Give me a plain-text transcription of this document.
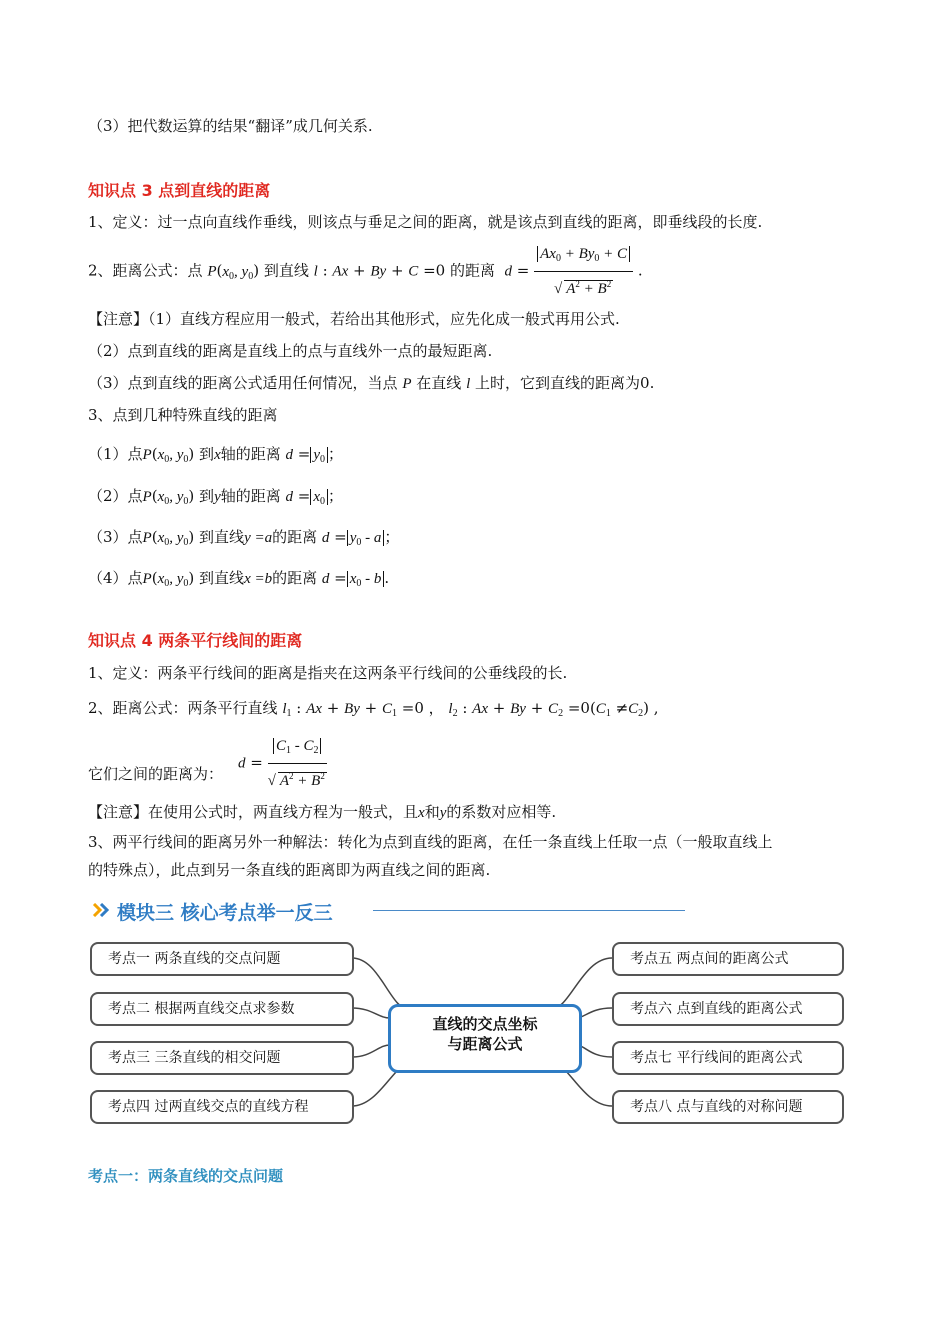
（3）把代数运算的结果“翻译”成几何关系.
知识点 3 点到直线的距离
1、定义：过一点向直线作垂线，则该点与垂足之间的距离，就是该点到直线的距离，即垂线段的长度.
2、距离公式：点 $P(x_0$, $y_0$) 到直线 l : Ax + By + C =0 的距离 $d = \frac{Ax_0 + By_0 + C}{√ A^2 + B^2}$ .
【注意】（1）直线方程应用一般式，若给出其他形式，应先化成一般式再用公式.
（2）点到直线的距离是直线上的点与直线外一点的最短距离.
（3）点到直线的距离公式适用任何情况，当点 P 在直线 l 上时，它到直线的距离为0.
3、点到几种特殊直线的距离
（1）点$P(x_0$, $y_0$) 到x轴的距离 $d = y_0$ ；
（2）点$P(x_0$, $y_0$) 到y轴的距离 $d = x_0$ ；
（3）点$P(x_0$, $y_0$) 到直线y =a的距离 $d = y_0 - a$ ；
（4）点$P(x_0$, $y_0$) 到直线x =b的距离 $d = x_0 - b$ .
知识点 4 两条平行线间的距离
1、定义：两条平行线间的距离是指夹在这两条平行线间的公垂线段的长.
2、距离公式：两条平行直线 $l_1$ : $Ax + By + C_1 =0$ ， $l_2$ : $Ax + By + C_2 =0(C_1 \ne C_2)$ ,
它们之间的距离为：
$d = \frac{C_1 - C_2}{√ A^2 + B^2}$
【注意】在使用公式时，两直线方程为一般式，且x和y的系数对应相等.
3、两平行线间的距离另外一种解法：转化为点到直线的距离，在任一条直线上任取一点（一般取直线上
的特殊点），此点到另一条直线的距离即为两直线之间的距离.
模块三 核心考点举一反三
考点一 两条直线的交点问题
考点二 根据两直线交点求参数
考点三 三条直线的相交问题
考点四 过两直线交点的直线方程
直线的交点坐标
与距离公式
考点五 两点间的距离公式
考点六 点到直线的距离公式
考点七 平行线间的距离公式
考点八 点与直线的对称问题
考点一：两条直线的交点问题
